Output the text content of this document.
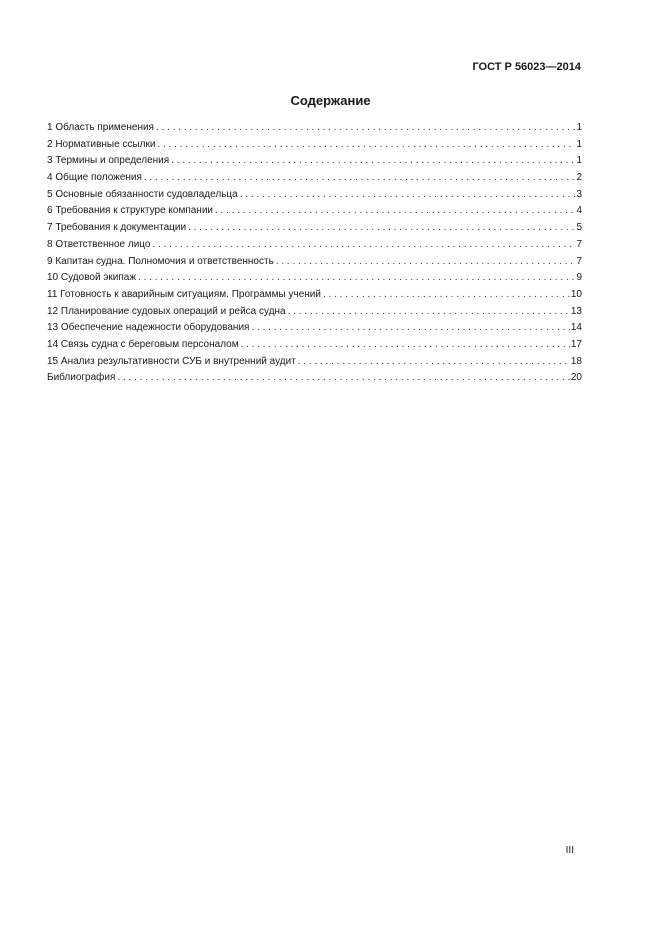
ГОСТ Р 56023—2014
Содержание
1 Область применения . . .	1
2 Нормативные ссылки . . .	1
3 Термины и определения . . .	1
4 Общие положения . . .	2
5 Основные обязанности судовладельца . . .	3
6 Требования к структуре компании . . .	4
7 Требования к документации . . .	5
8 Ответственное лицо . . .	7
9 Капитан судна. Полномочия и ответственность . . .	7
10 Судовой экипаж . . .	9
11 Готовность к аварийным ситуациям. Программы учений . . .	10
12 Планирование судовых операций и рейса судна . . .	13
13 Обеспечение надежности оборудования . . .	14
14 Связь судна с береговым персоналом . . .	17
15 Анализ результативности СУБ и внутренний аудит . . .	18
Библиография . . .	20
III
